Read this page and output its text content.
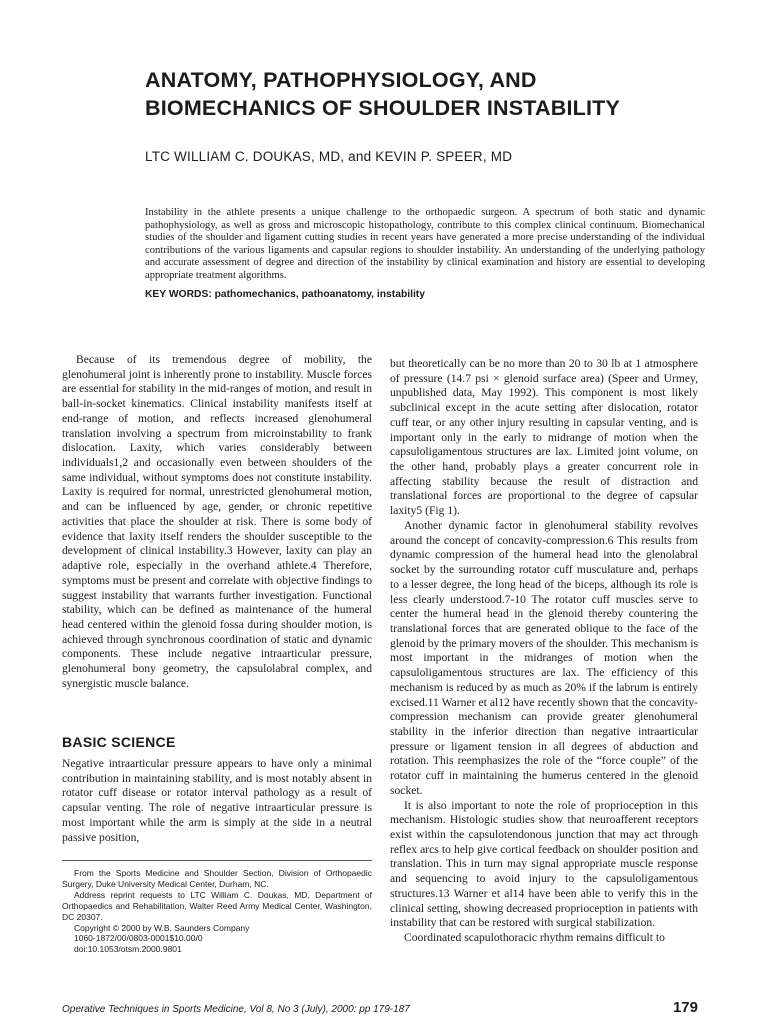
ANATOMY, PATHOPHYSIOLOGY, AND
BIOMECHANICS OF SHOULDER INSTABILITY
LTC WILLIAM C. DOUKAS, MD, and KEVIN P. SPEER, MD
Instability in the athlete presents a unique challenge to the orthopaedic surgeon. A spectrum of both static and dynamic pathophysiology, as well as gross and microscopic histopathology, contribute to this complex clinical continuum. Biomechanical studies of the shoulder and ligament cutting studies in recent years have generated a more precise understanding of the individual contributions of the various ligaments and capsular regions to shoulder instability. An understanding of the underlying pathology and accurate assessment of degree and direction of the instability by clinical examination and history are essential to developing appropriate treatment algorithms.
KEY WORDS: pathomechanics, pathoanatomy, instability

Because of its tremendous degree of mobility, the glenohumeral joint is inherently prone to instability. Muscle forces are essential for stability in the mid-ranges of motion, and result in ball-in-socket kinematics. Clinical instability manifests itself at end-range of motion, and reflects increased glenohumeral translation involving a spectrum from microinstability to frank dislocation. Laxity, which varies considerably between individuals1,2 and occasionally even between shoulders of the same individual, without symptoms does not constitute instability. Laxity is required for normal, unrestricted glenohumeral motion, and can be influenced by age, gender, or chronic repetitive activities that place the shoulder at risk. There is some body of evidence that laxity itself renders the shoulder susceptible to the development of clinical instability.3 However, laxity can play an adaptive role, especially in the overhand athlete.4 Therefore, symptoms must be present and correlate with objective findings to suggest instability that warrants further investigation. Functional stability, which can be defined as maintenance of the humeral head centered within the glenoid fossa during shoulder motion, is achieved through synchronous coordination of static and dynamic components. These include negative intraarticular pressure, glenohumeral bony geometry, the capsulolabral complex, and synergistic muscle balance.

BASIC SCIENCE

Negative intraarticular pressure appears to have only a minimal contribution in maintaining stability, and is most notably absent in rotator cuff disease or rotator interval pathology as a result of capsular venting. The role of negative intraarticular pressure is most important while the arm is simply at the side in a neutral passive position,

From the Sports Medicine and Shoulder Section, Division of Orthopaedic Surgery, Duke University Medical Center, Durham, NC.

Address reprint requests to LTC William C. Doukas, MD, Department of Orthopaedics and Rehabilitation, Walter Reed Army Medical Center, Washington, DC 20307.

Copyright © 2000 by W.B. Saunders Company

1060-1872/00/0803-0001$10.00/0

doi:10.1053/otsm.2000.9801

but theoretically can be no more than 20 to 30 lb at 1 atmosphere of pressure (14.7 psi × glenoid surface area) (Speer and Urmey, unpublished data, May 1992). This component is most likely subclinical except in the acute setting after dislocation, rotator cuff tear, or any other injury resulting in capsular venting, and is important only in the early to midrange of motion when the capsuloligamentous structures are lax. Limited joint volume, on the other hand, probably plays a greater concurrent role in affecting stability because the result of distraction and translational forces are proportional to the degree of capsular laxity5 (Fig 1).

Another dynamic factor in glenohumeral stability revolves around the concept of concavity-compression.6 This results from dynamic compression of the humeral head into the glenolabral socket by the surrounding rotator cuff musculature and, perhaps to a lesser degree, the long head of the biceps, although its role is less clearly understood.7-10 The rotator cuff muscles serve to center the humeral head in the glenoid thereby countering the translational forces that are generated oblique to the face of the glenoid by the primary movers of the shoulder. This mechanism is most important in the midranges of motion when the capsuloligamentous structures are lax. The efficiency of this mechanism is reduced by as much as 20% if the labrum is entirely excised.11 Warner et al12 have recently shown that the concavity-compression mechanism can provide greater glenohumeral stability in the inferior direction than negative intraarticular pressure or ligament tension in all degrees of abduction and rotation. This reemphasizes the role of the “force couple” of the rotator cuff in maintaining the humerus centered in the glenoid socket.

It is also important to note the role of proprioception in this mechanism. Histologic studies show that neuroafferent receptors exist within the capsulotendonous junction that may act through reflex arcs to help give cortical feedback on shoulder position and translation. This in turn may signal appropriate muscle response and sequencing to avoid injury to the capsuloligamentous structures.13 Warner et al14 have been able to verify this in the clinical setting, showing decreased proprioception in patients with instability that can be restored with surgical stabilization.

Coordinated scapulothoracic rhythm remains difficult to

Operative Techniques in Sports Medicine, Vol 8, No 3 (July), 2000: pp 179-187	179
